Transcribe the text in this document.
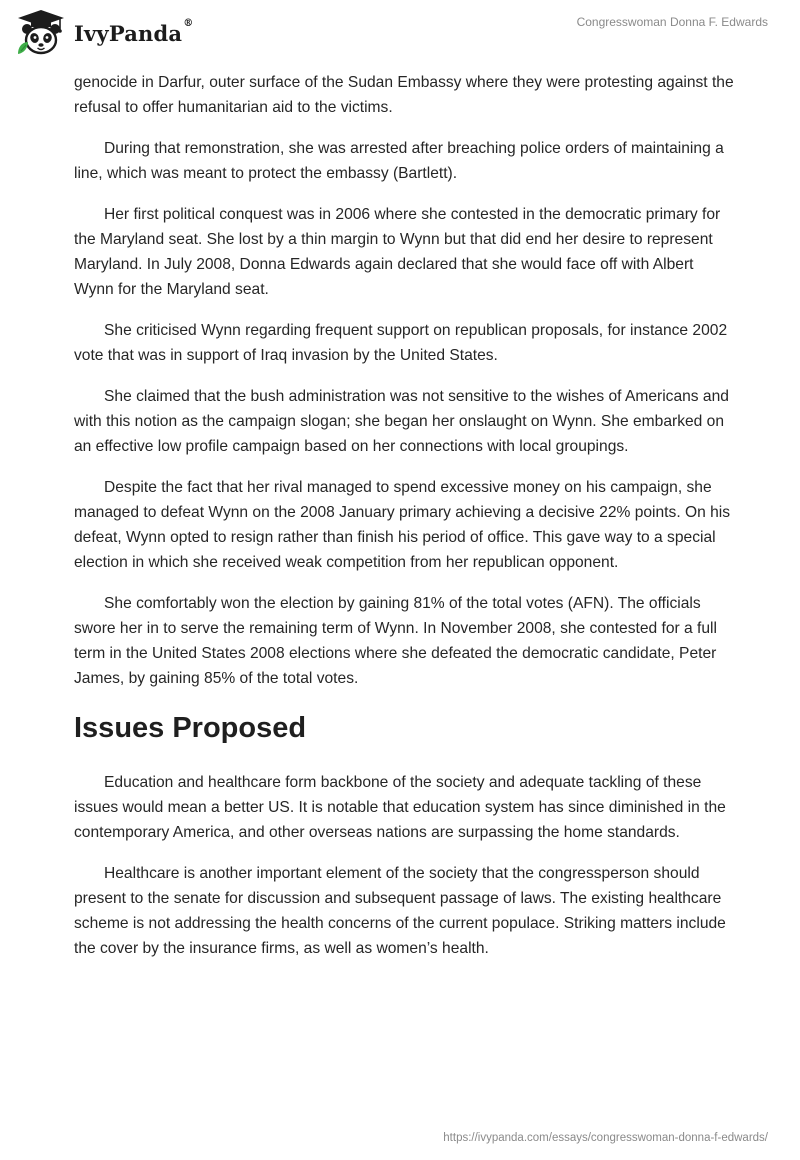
IvyPanda®	Congresswoman Donna F. Edwards

genocide in Darfur, outer surface of the Sudan Embassy where they were protesting against the refusal to offer humanitarian aid to the victims.

During that remonstration, she was arrested after breaching police orders of maintaining a line, which was meant to protect the embassy (Bartlett).

Her first political conquest was in 2006 where she contested in the democratic primary for the Maryland seat. She lost by a thin margin to Wynn but that did end her desire to represent Maryland. In July 2008, Donna Edwards again declared that she would face off with Albert Wynn for the Maryland seat.

She criticised Wynn regarding frequent support on republican proposals, for instance 2002 vote that was in support of Iraq invasion by the United States.

She claimed that the bush administration was not sensitive to the wishes of Americans and with this notion as the campaign slogan; she began her onslaught on Wynn. She embarked on an effective low profile campaign based on her connections with local groupings.

Despite the fact that her rival managed to spend excessive money on his campaign, she managed to defeat Wynn on the 2008 January primary achieving a decisive 22% points. On his defeat, Wynn opted to resign rather than finish his period of office. This gave way to a special election in which she received weak competition from her republican opponent.

She comfortably won the election by gaining 81% of the total votes (AFN). The officials swore her in to serve the remaining term of Wynn. In November 2008, she contested for a full term in the United States 2008 elections where she defeated the democratic candidate, Peter James, by gaining 85% of the total votes.

Issues Proposed

Education and healthcare form backbone of the society and adequate tackling of these issues would mean a better US. It is notable that education system has since diminished in the contemporary America, and other overseas nations are surpassing the home standards.

Healthcare is another important element of the society that the congressperson should present to the senate for discussion and subsequent passage of laws. The existing healthcare scheme is not addressing the health concerns of the current populace. Striking matters include the cover by the insurance firms, as well as women’s health.

https://ivypanda.com/essays/congresswoman-donna-f-edwards/
